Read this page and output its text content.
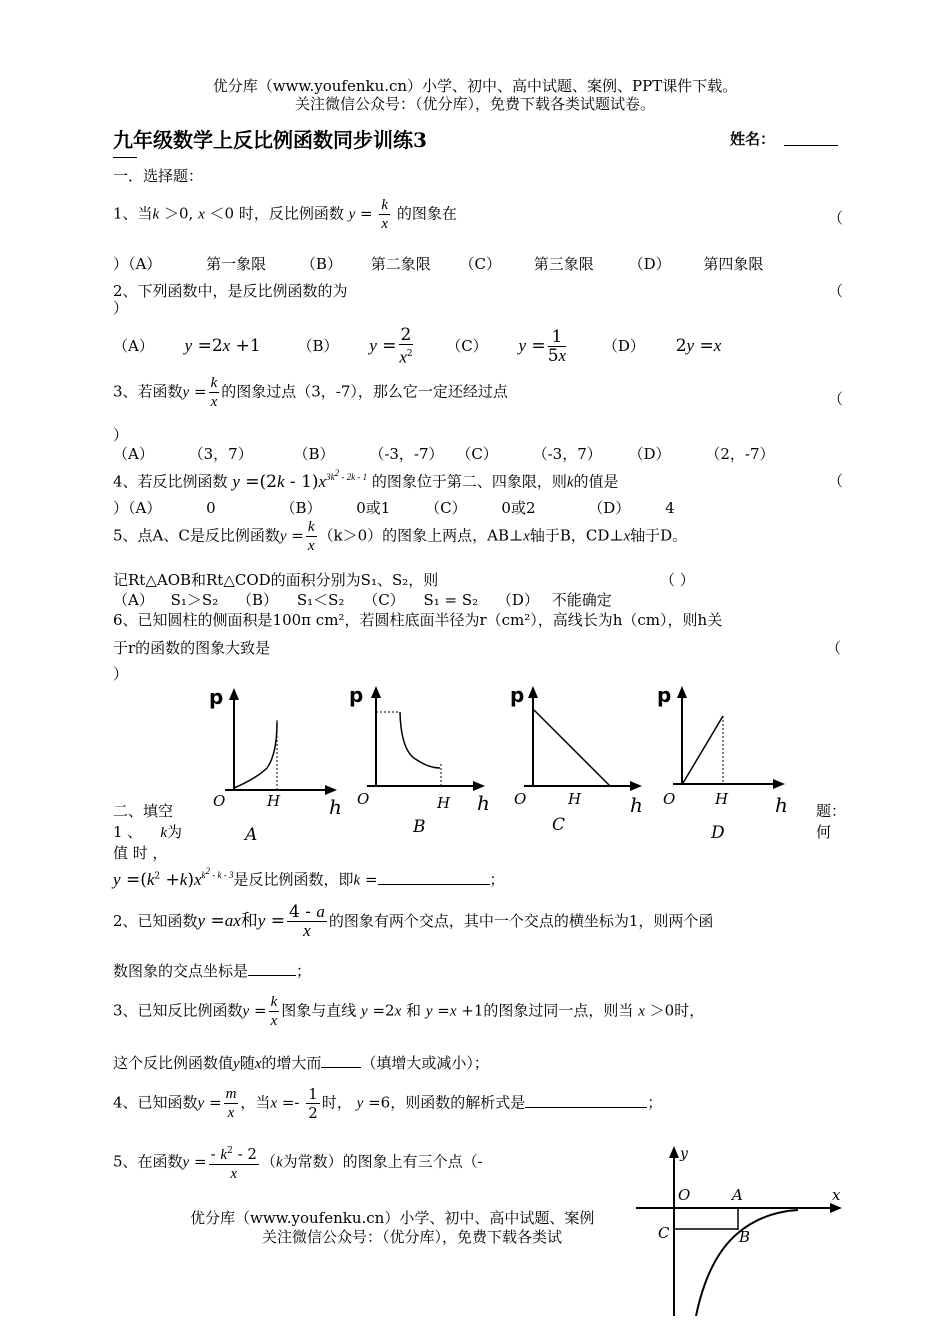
优分库（www.youfenku.cn）小学、初中、高中试题、案例、PPT课件下载。
关注微信公众号：（优分库），免费下载各类试题试卷。
九年级数学上反比例函数同步训练3	姓名：
一．选择题：
1、当k ＞0, x ＜0 时，反比例函数 $y = \frac{k}{x}$ 的图象在	（
）（A）	第一象限 （B） 第二象限 （C） 第三象限 （D） 第四象限
2、下列函数中，是反比例函数的为	（
）
（A） y =2x +1  （B） $y = \frac{2}{x^2} (C) y = \frac{1}{5x} (D)$  2y =x
3、若函数$y = \frac{k}{x}$ 的图象过点（3，-7），那么它一定还经过点	（
）
（A） （3，7）	（B） （-3，-7） （C） （-3，7） （D） （2，-7）
4、若反比例函数 $y =(2k - 1)x^{3k^2 - 2k - 1}$ 的图象位于第二、四象限，则k的值是	（
）（A）	0	（B） 0或1 （C） 0或2	（D） 4
5、点A、C是反比例函数$y = \frac{k}{x} (k>0)$的图象上两点，AB⊥x轴于B，CD⊥x轴于D。
记Rt△AOB和Rt△COD的面积分别为S₁、S₂，则	（ ）
（A） S₁＞S₂ （B） S₁＜S₂ （C） S₁ = S₂ （D） 不能确定
6、已知圆柱的侧面积是100π cm²，若圆柱底面半径为r（cm²），高线长为h（cm），则h关
于r的函数的图象大致是	（
）
p
O	H h
A
p
O	H h
B
p
O	H h
C
p
O	H h
D
二、填空	题：
1 、 k为	何
值 时 ，
$y =(k^2 +k)x^{k^2 - k - 3}$是反比例函数，即k =	；
2、已知函数y =ax和$y = \frac{4 - a}{x}$ 的图象有两个交点，其中一个交点的横坐标为1，则两个函
数图象的交点坐标是	；
3、已知反比例函数$y = \frac{k}{x}$ 图象与直线 y =2x 和 y =x +1的图象过同一点，则当 x ＞0时，
这个反比例函数值y随x的增大而	（填增大或减小）；
4、已知函数$y = \frac{m}{x}$ ，当$x =- \frac{1}{2}$ 时， y =6，则函数的解析式是	；
5、在函数$y = \frac{- k^2 - 2}{x} (k$为常数）的图象上有三个点（-	y
x
O	A
C	B
优分库（www.youfenku.cn）小学、初中、高中试题、案例
关注微信公众号：（优分库），免费下载各类试
